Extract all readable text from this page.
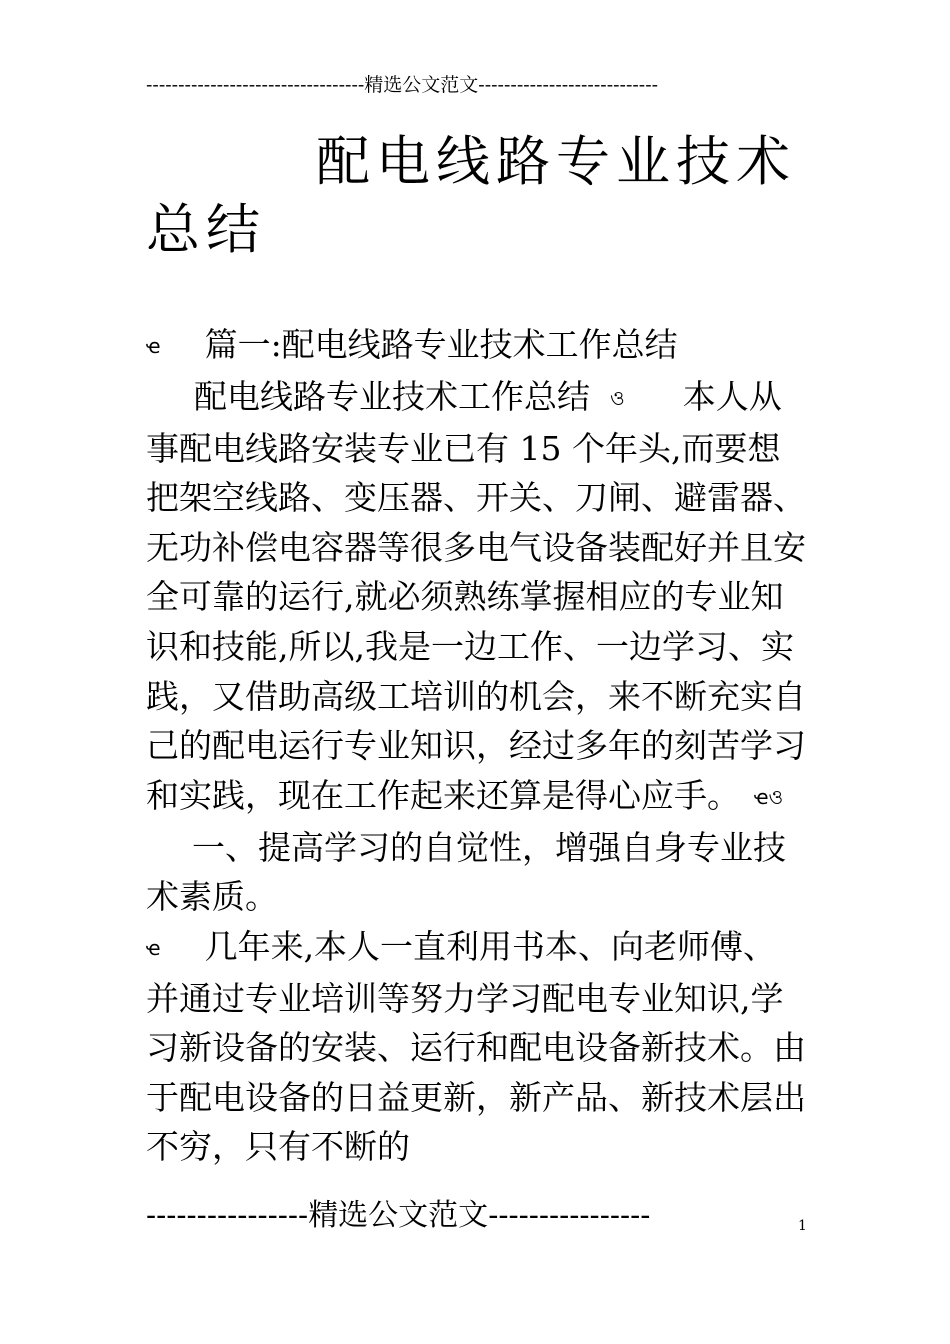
----------------------------------精选公文范文----------------------------
配电线路专业技术
总结

ҽ 篇一:配电线路专业技术工作总结

配电线路专业技术工作总结 ও 本人从事配电线路安装专业已有 15 个年头,而要想把架空线路、变压器、开关、刀闸、避雷器、无功补偿电容器等很多电气设备装配好并且安全可靠的运行,就必须熟练掌握相应的专业知识和技能,所以,我是一边工作、一边学习、实践，又借助高级工培训的机会，来不断充实自己的配电运行专业知识，经过多年的刻苦学习和实践，现在工作起来还算是得心应手。 ҽও一、提高学习的自觉性，增强自身专业技术素质。

ҽ 几年来,本人一直利用书本、向老师傅、并通过专业培训等努力学习配电专业知识,学习新设备的安装、运行和配电设备新技术。由于配电设备的日益更新，新产品、新技术层出不穷，只有不断的

----------------精选公文范文----------------	1
